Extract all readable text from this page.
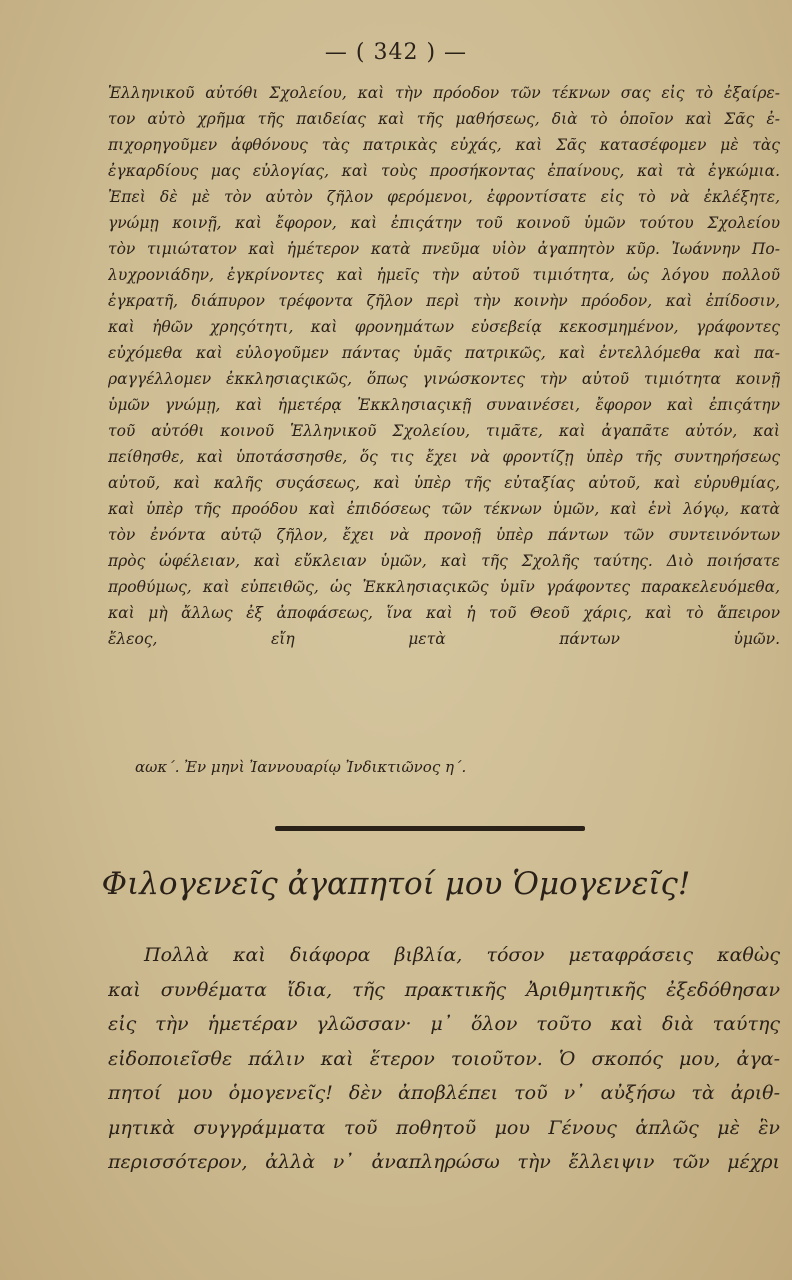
— ( 342 ) —
Ἑλληνικοῦ αὐτόθι Σχολείου, καὶ τὴν πρόοδον τῶν τέκνων σας εἰς τὸ ἐξαίρε-
τον αὐτὸ χρῆμα τῆς παιδείας καὶ τῆς μαθήσεως, διὰ τὸ ὁποῖον καὶ Σᾶς ἐ-
πιχορηγοῦμεν ἀφθόνους τὰς πατρικὰς εὐχάς, καὶ Σᾶς κατασέφομεν μὲ τὰς
ἐγκαρδίους μας εὐλογίας, καὶ τοὺς προσήκοντας ἐπαίνους, καὶ τὰ ἐγκώμια.
Ἐπεὶ δὲ μὲ τὸν αὐτὸν ζῆλον φερόμενοι, ἐφροντίσατε εἰς τὸ νὰ ἐκλέξητε,
γνώμῃ κοινῇ, καὶ ἔφορον, καὶ ἐπιςάτην τοῦ κοινοῦ ὑμῶν τούτου Σχολείου
τὸν τιμιώτατον καὶ ἡμέτερον κατὰ πνεῦμα υἱὸν ἀγαπητὸν κῦρ. Ἰωάννην Πο-
λυχρονιάδην, ἐγκρίνοντες καὶ ἡμεῖς τὴν αὐτοῦ τιμιότητα, ὡς λόγου πολλοῦ
ἐγκρατῆ, διάπυρον τρέφοντα ζῆλον περὶ τὴν κοινὴν πρόοδον, καὶ ἐπίδοσιν,
καὶ ἠθῶν χρηςότητι, καὶ φρονημάτων εὐσεβείᾳ κεκοσμημένον, γράφοντες
εὐχόμεθα καὶ εὐλογοῦμεν πάντας ὑμᾶς πατρικῶς, καὶ ἐντελλόμεθα καὶ πα-
ραγγέλλομεν ἐκκλησιαςικῶς, ὅπως γινώσκοντες τὴν αὐτοῦ τιμιότητα κοινῇ
ὑμῶν γνώμῃ, καὶ ἡμετέρᾳ Ἐκκλησιαςικῇ συναινέσει, ἔφορον καὶ ἐπιςάτην
τοῦ αὐτόθι κοινοῦ Ἑλληνικοῦ Σχολείου, τιμᾶτε, καὶ ἀγαπᾶτε αὐτόν, καὶ
πείθησθε, καὶ ὑποτάσσησθε, ὅς τις ἔχει νὰ φροντίζῃ ὑπὲρ τῆς συντηρήσεως
αὐτοῦ, καὶ καλῆς συςάσεως, καὶ ὑπὲρ τῆς εὐταξίας αὐτοῦ, καὶ εὐρυθμίας,
καὶ ὑπὲρ τῆς προόδου καὶ ἐπιδόσεως τῶν τέκνων ὑμῶν, καὶ ἑνὶ λόγῳ, κατὰ
τὸν ἐνόντα αὐτῷ ζῆλον, ἔχει νὰ προνοῇ ὑπὲρ πάντων τῶν συντεινόντων
πρὸς ὠφέλειαν, καὶ εὔκλειαν ὑμῶν, καὶ τῆς Σχολῆς ταύτης. Διὸ ποιήσατε
προθύμως, καὶ εὐπειθῶς, ὡς Ἐκκλησιαςικῶς ὑμῖν γράφοντες παρακελευόμεθα,
καὶ μὴ ἄλλως ἐξ ἀποφάσεως, ἵνα καὶ ἡ τοῦ Θεοῦ χάρις, καὶ τὸ ἄπειρον
ἔλεος, εἴη μετὰ πάντων ὑμῶν.
αωκ΄. Ἐν μηνὶ Ἰαννουαρίῳ Ἰνδικτιῶνος η΄.
Φιλογενεῖς ἀγαπητοί μου Ὁμογενεῖς!
Πολλὰ καὶ διάφορα βιβλία, τόσον μεταφράσεις καθὼς
καὶ συνθέματα ἴδια, τῆς πρακτικῆς Ἀριθμητικῆς ἐξεδόθησαν
εἰς τὴν ἡμετέραν γλῶσσαν· μ᾿ ὅλον τοῦτο καὶ διὰ ταύτης
εἰδοποιεῖσθε πάλιν καὶ ἕτερον τοιοῦτον. Ὁ σκοπός μου, ἀγα-
πητοί μου ὁμογενεῖς! δὲν ἀποβλέπει τοῦ ν᾿ αὐξήσω τὰ ἀριθ-
μητικὰ συγγράμματα τοῦ ποθητοῦ μου Γένους ἁπλῶς μὲ ἓν
περισσότερον, ἀλλὰ ν᾿ ἀναπληρώσω τὴν ἔλλειψιν τῶν μέχρι
